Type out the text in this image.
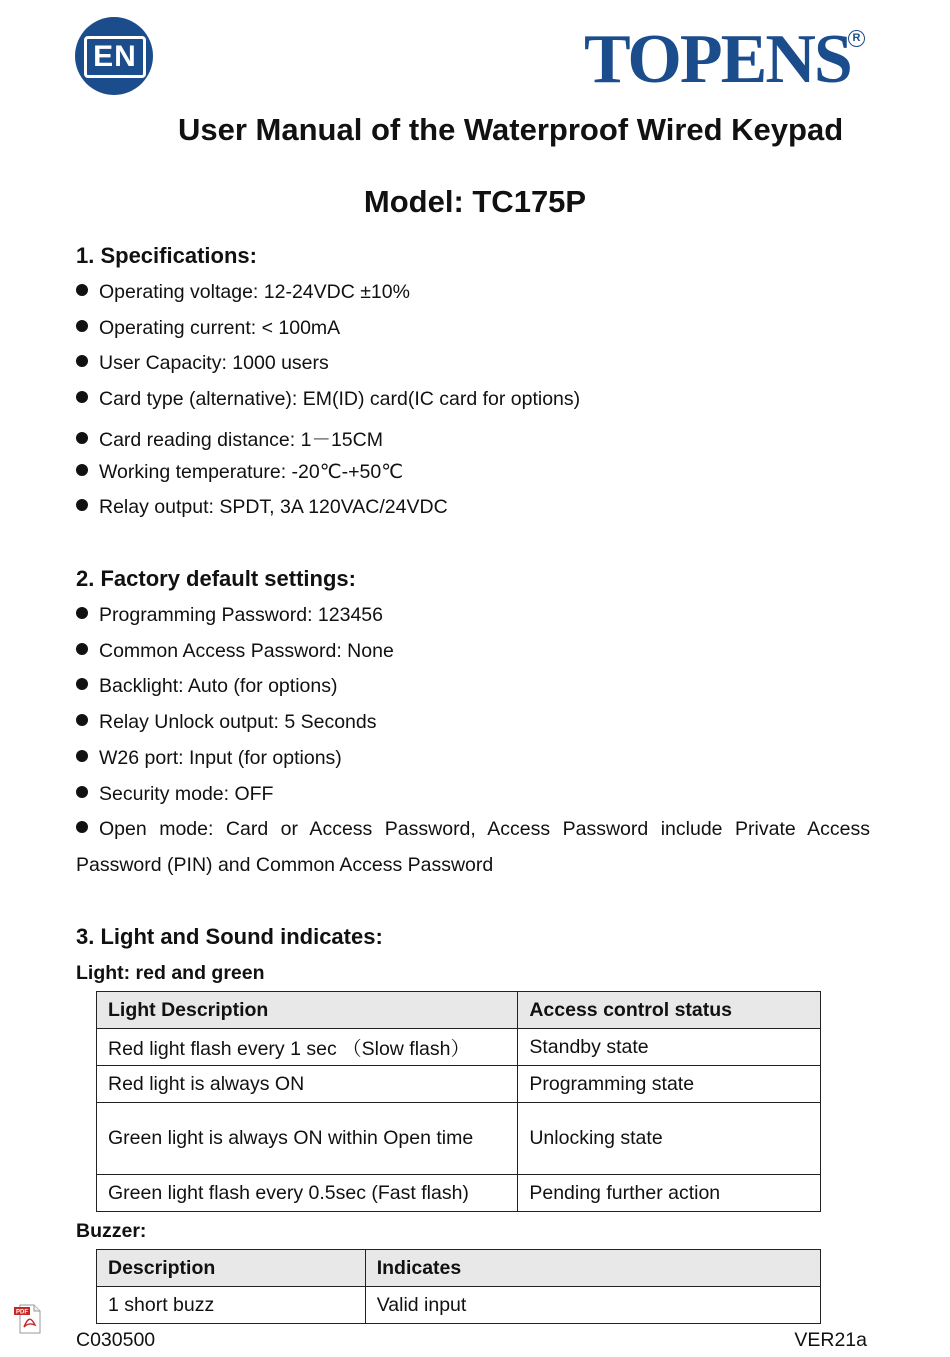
EN	TOPENS R
User Manual of the Waterproof Wired Keypad
Model: TC175P
1. Specifications:
Operating voltage: 12-24VDC ±10%
Operating current: < 100mA
User Capacity: 1000 users
Card type (alternative): EM(ID) card(IC card for options)
Card reading distance: 1－15CM
Working temperature: -20℃-+50℃
Relay output: SPDT, 3A 120VAC/24VDC
2. Factory default settings:
Programming Password: 123456
Common Access Password: None
Backlight: Auto (for options)
Relay Unlock output: 5 Seconds
W26 port: Input (for options)
Security mode: OFF
Open mode: Card or Access Password, Access Password include Private Access Password (PIN) and Common Access Password
3. Light and Sound indicates:
Light: red and green
Light Description	Access control status
Red light flash every 1 sec （Slow flash）	Standby state
Red light is always ON	Programming state
Green light is always ON within Open time	Unlocking state
Green light flash every 0.5sec (Fast flash)	Pending further action
Buzzer:
Description	Indicates
1 short buzz	Valid input
PDF
C030500	VER21a
